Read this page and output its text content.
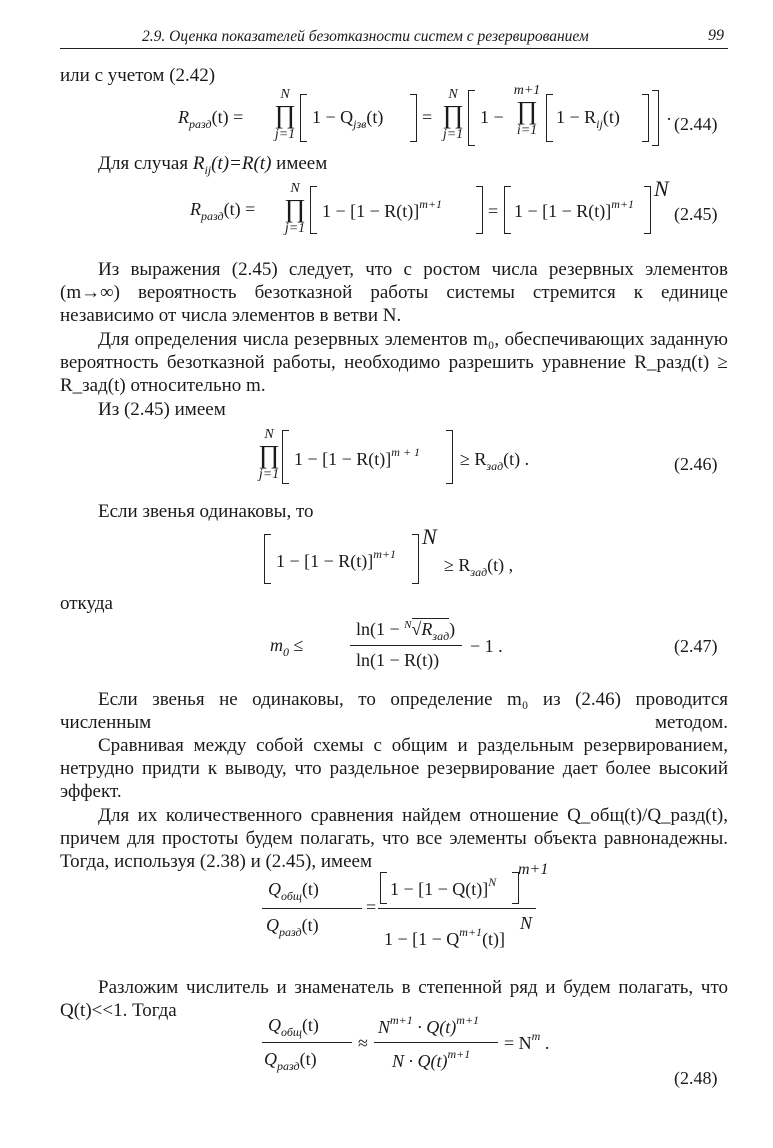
2.9. Оценка показателей безотказности систем с резервированием	99
или с учетом (2.42)
$R_{разд}(t)$ =
N
∏
j=1
$1 - Q_{jзв}(t)$ =
N
∏
j=1
1 −
m+1
∏
i=1
$1 - R_{ij}(t)$	· (2.44)
Для случая $R_{ij}(t)=R(t)$ имеем
$R_{разд}(t)$ =
N
∏
j=1
$1 - [1 - R(t)]^{m+1}$	= $1 - [1 - R(t)]^{m+1}$
N
(2.45)
Из выражения (2.45) следует, что с ростом числа резервных элементов (m→∞) вероятность безотказной работы системы стремится к единице независимо от числа элементов в ветви N.
Для определения числа резервных элементов m₀, обеспечивающих заданную вероятность безотказной работы, необходимо разрешить уравнение R_разд(t) ≥ R_зад(t) относительно m.
Из (2.45) имеем
N
∏
j=1
$1 - [1 - R(t)]^{m + 1} \ge R_{зад}(t)$ .	(2.46)
Если звенья одинаковы, то
$1 - [1 - R(t)]^{m+1}$
N
≥ $R_{зад}(t)$ ,
откуда
$m_0$ ≤
$\ln(1 - ^N√R_{зад})$
ln(1 − R(t))
− 1 .	(2.47)
Если звенья не одинаковы, то определение m₀ из (2.46) проводится численным методом.
Сравнивая между собой схемы с общим и раздельным резервированием, нетрудно придти к выводу, что раздельное резервирование дает более высокий эффект.
Для их количественного сравнения найдем отношение Q_общ(t)/Q_разд(t), причем для простоты будем полагать, что все элементы объекта равнонадежны. Тогда, используя (2.38) и (2.45), имеем
$Q_{общ}(t)$
$Q_{разд}(t)$
=
$1 - [1 - Q(t)]^N$
m+1
$1 - [1 - Q^{m+1}(t)]$
N
Разложим числитель и знаменатель в степенной ряд и будем полагать, что Q(t)<<1. Тогда
$Q_{общ}(t)$
$Q_{разд}(t)$
≈
$N^{m+1} \cdot Q(t)^{m+1}$
$N \cdot Q(t)^{m+1}$
= $N^m$ .
(2.48)
